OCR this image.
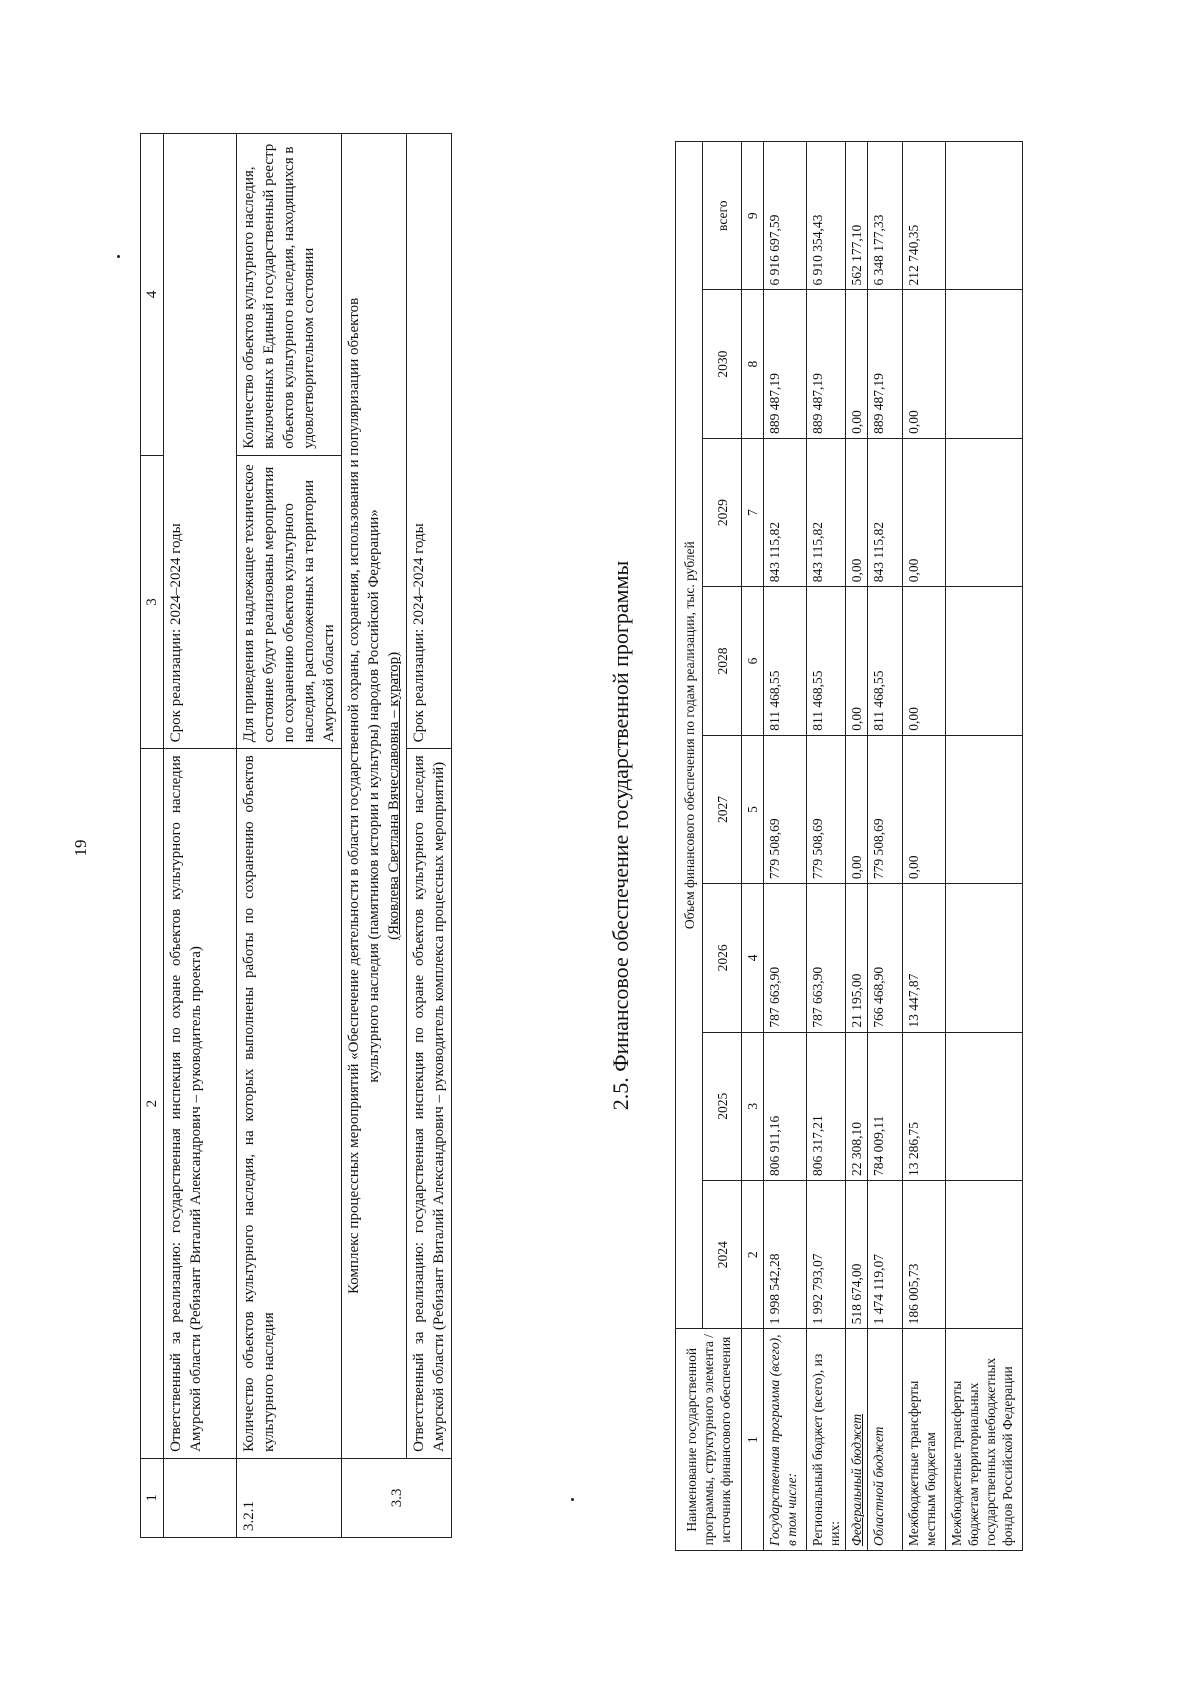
19
1	2	3	4
	Ответственный за реализацию: государственная инспекция по охране объектов культурного наследия Амурской области (Ребизант Виталий Александрович – руководитель проекта)	Срок реализации: 2024–2024 годы	
3.2.1	Количество объектов культурного наследия, на которых выполнены работы по сохранению объектов культурного наследия	Для приведения в надлежащее техническое состояние будут реализованы мероприятия по сохранению объектов культурного наследия, расположенных на территории Амурской области	Количество объектов культурного наследия, включенных в Единый государственный реестр объектов культурного наследия, находящихся в удовлетворительном состоянии
3.3	Комплекс процессных мероприятий «Обеспечение деятельности в области государственной охраны, сохранения, использования и популяризации объектов культурного наследия (памятников истории и культуры) народов Российской Федерации» (Яковлева Светлана Вячеславовна – куратор)		

	Ответственный за реализацию: государственная инспекция по охране объектов культурного наследия Амурской области (Ребизант Виталий Александрович – руководитель комплекса процессных мероприятий)	Срок реализации: 2024–2024 годы		2.5. Финансовое обеспечение государственной программы
Наименование государственной программы, структурного элемента / источник финансового обеспечения	Объем финансового обеспечения по годам реализации, тыс. рублей							
	2024	2025	2026	2027	2028	2029	2030	всего
1	2	3	4	5	6	7	8	9
Государственная программа (всего), в том числе:	1 998 542,28	806 911,16	787 663,90	779 508,69	811 468,55	843 115,82	889 487,19	6 916 697,59
Региональный бюджет (всего), из них:	1 992 793,07	806 317,21	787 663,90	779 508,69	811 468,55	843 115,82	889 487,19	6 910 354,43
Федеральный бюджет	518 674,00	22 308,10	21 195,00	0,00	0,00	0,00	0,00	562 177,10
Областной бюджет	1 474 119,07	784 009,11	766 468,90	779 508,69	811 468,55	843 115,82	889 487,19	6 348 177,33
Межбюджетные трансферты местным бюджетам	186 005,73	13 286,75	13 447,87	0,00	0,00	0,00	0,00	212 740,35
Межбюджетные трансферты бюджетам территориальных государственных внебюджетных фондов Российской Федерации								
